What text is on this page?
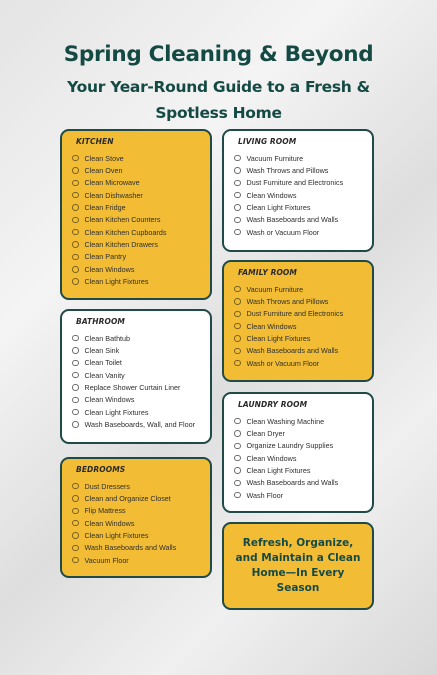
Spring Cleaning & Beyond
Your Year-Round Guide to a Fresh &
Spotless Home
KITCHEN
Clean Stove
Clean Oven
Clean Microwave
Clean Dishwasher
Clean Fridge
Clean Kitchen Counters
Clean Kitchen Cupboards
Clean Kitchen Drawers
Clean Pantry
Clean Windows
Clean Light Fixtures
BATHROOM
Clean Bathtub
Clean Sink
Clean Toilet
Clean Vanity
Replace Shower Curtain Liner
Clean Windows
Clean Light Fixtures
Wash Baseboards, Wall, and Floor
BEDROOMS
Dust Dressers
Clean and Organize Closet
Flip Mattress
Clean Windows
Clean Light Fixtures
Wash Baseboards and Walls
Vacuum Floor
LIVING ROOM
Vacuum Furniture
Wash Throws and Pillows
Dust Furniture and Electronics
Clean Windows
Clean Light Fixtures
Wash Baseboards and Walls
Wash or Vacuum Floor
FAMILY ROOM
Vacuum Furniture
Wash Throws and Pillows
Dust Furniture and Electronics
Clean Windows
Clean Light Fixtures
Wash Baseboards and Walls
Wash or Vacuum Floor
LAUNDRY ROOM
Clean Washing Machine
Clean Dryer
Organize Laundry Supplies
Clean Windows
Clean Light Fixtures
Wash Baseboards and Walls
Wash Floor
Refresh, Organize, and Maintain a Clean Home—In Every Season
